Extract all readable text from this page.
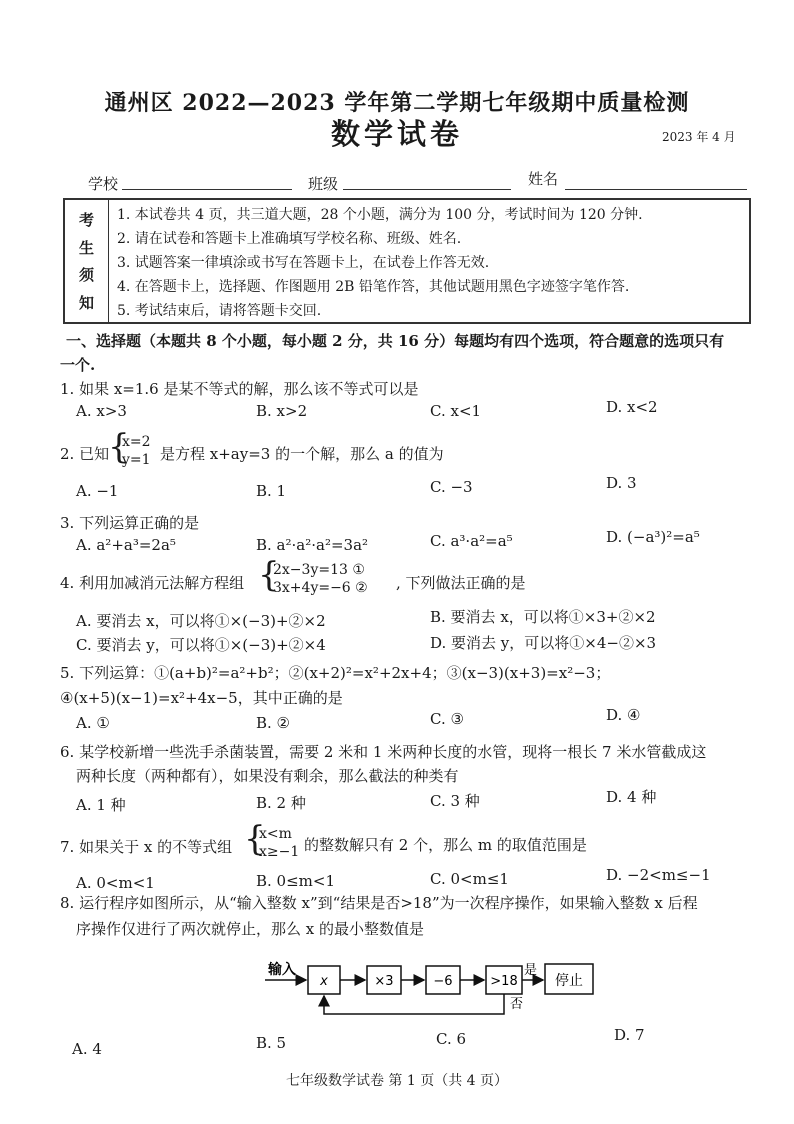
通州区 2022—2023 学年第二学期七年级期中质量检测
数学试卷	2023 年 4 月
学校	班级	姓名
考
生
须
知
1. 本试卷共 4 页，共三道大题，28 个小题，满分为 100 分，考试时间为 120 分钟.
2. 请在试卷和答题卡上准确填写学校名称、班级、姓名.
3. 试题答案一律填涂或书写在答题卡上，在试卷上作答无效.
4. 在答题卡上，选择题、作图题用 2B 铅笔作答，其他试题用黑色字迹签字笔作答.
5. 考试结束后，请将答题卡交回.
一、选择题（本题共 8 个小题，每小题 2 分，共 16 分）每题均有四个选项，符合题意的选项只有
一个.
1. 如果 x=1.6 是某不等式的解，那么该不等式可以是
A. x>3	B. x>2	C. x<1	D. x<2
2. 已知
{
x=2
y=1 是方程 x+ay=3 的一个解，那么 a 的值为
A. −1	B. 1	C. −3	D. 3
3. 下列运算正确的是
A. a²+a³=2a⁵	B. a²·a²·a²=3a²	C. a³·a²=a⁵	D. (−a³)²=a⁵
4. 利用加减消元法解方程组 {
2x−3y=13 ①
3x+4y=−6 ② , 下列做法正确的是
A. 要消去 x，可以将①×(−3)+②×2	B. 要消去 x，可以将①×3+②×2
C. 要消去 y，可以将①×(−3)+②×4	D. 要消去 y，可以将①×4−②×3
5. 下列运算：①(a+b)²=a²+b²；②(x+2)²=x²+2x+4；③(x−3)(x+3)=x²−3；
④(x+5)(x−1)=x²+4x−5，其中正确的是
A. ①	B. ②	C. ③	D. ④
6. 某学校新增一些洗手杀菌装置，需要 2 米和 1 米两种长度的水管，现将一根长 7 米水管截成这
两种长度（两种都有），如果没有剩余，那么截法的种类有
A. 1 种	B. 2 种	C. 3 种	D. 4 种
7. 如果关于 x 的不等式组 {
x<m
x≥−1 的整数解只有 2 个，那么 m 的取值范围是
A. 0<m<1	B. 0≤m<1	C. 0<m≤1	D. −2<m≤−1
8. 运行程序如图所示，从“输入整数 x”到“结果是否>18”为一次程序操作，如果输入整数 x 后程
序操作仅进行了两次就停止，那么 x 的最小整数值是
输入
x	×3	−6	>18
是
停止
否
A. 4	B. 5	C. 6	D. 7
七年级数学试卷 第 1 页（共 4 页）
